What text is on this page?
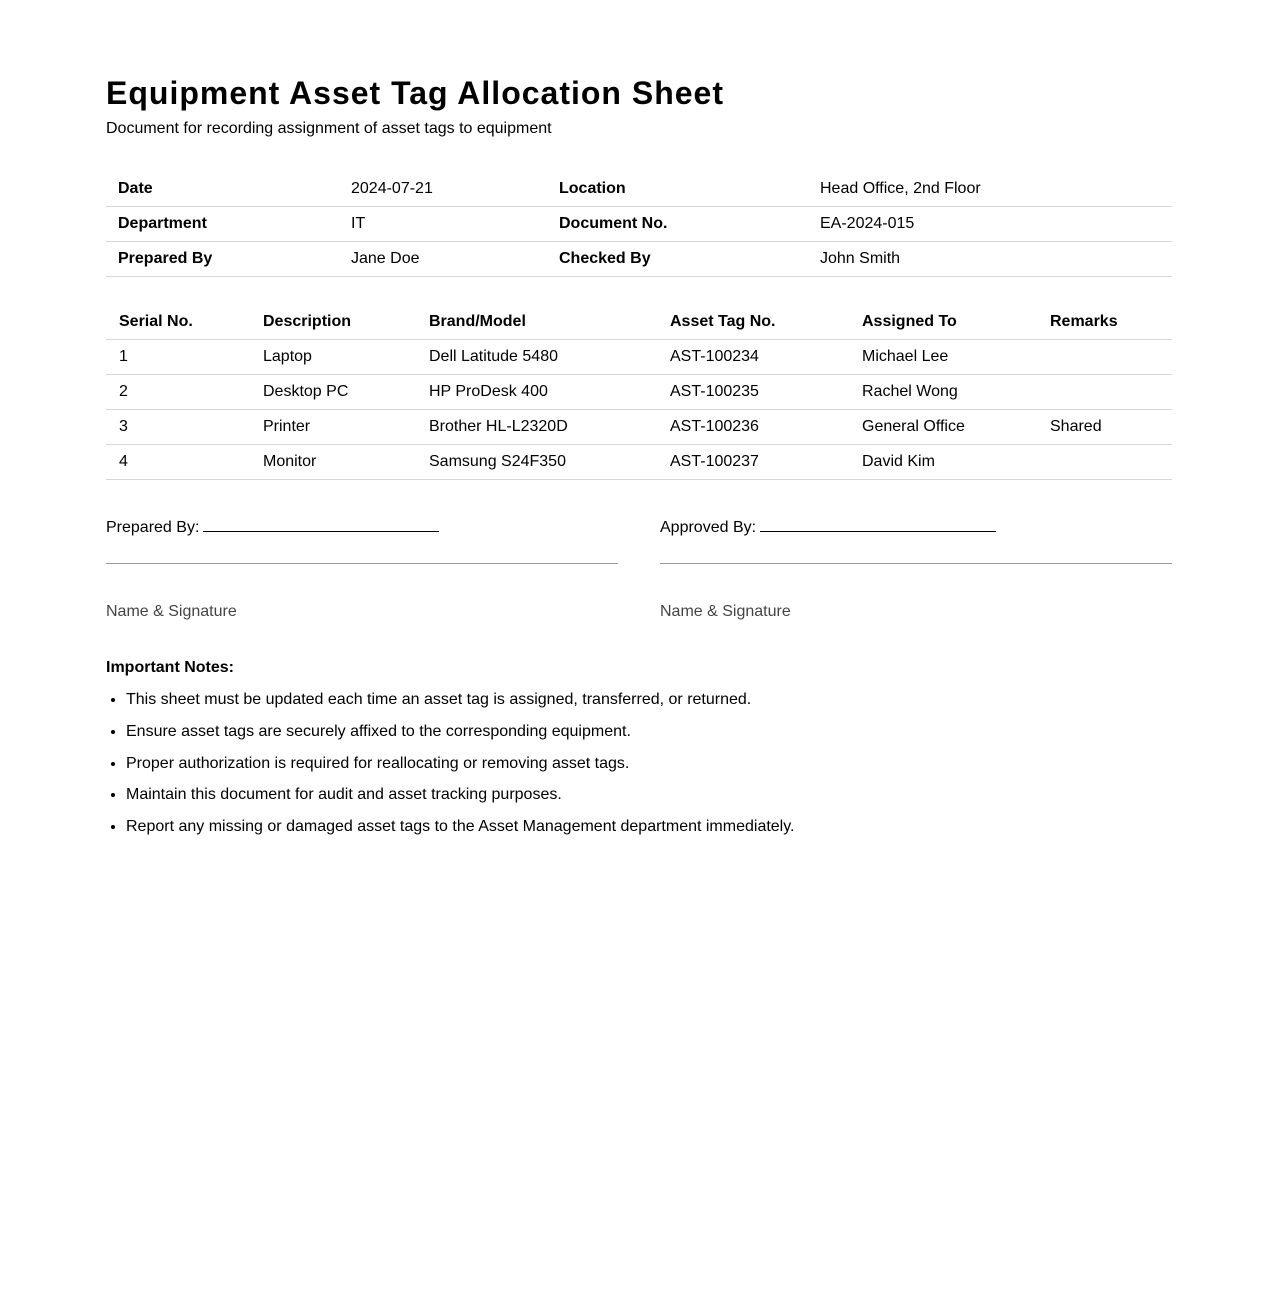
Equipment Asset Tag Allocation Sheet
Document for recording assignment of asset tags to equipment
Date	2024-07-21	Location	Head Office, 2nd Floor
Department	IT	Document No.	EA-2024-015
Prepared By	Jane Doe	Checked By	John Smith
Serial No.	Description	Brand/Model	Asset Tag No.	Assigned To	Remarks
1	Laptop	Dell Latitude 5480	AST-100234	Michael Lee	
2	Desktop PC	HP ProDesk 400	AST-100235	Rachel Wong	
3	Printer	Brother HL-L2320D	AST-100236	General Office	Shared
4	Monitor	Samsung S24F350	AST-100237	David Kim	
Prepared By:
Name & Signature
Approved By:
Name & Signature
Important Notes:
• This sheet must be updated each time an asset tag is assigned, transferred, or returned.
• Ensure asset tags are securely affixed to the corresponding equipment.
• Proper authorization is required for reallocating or removing asset tags.
• Maintain this document for audit and asset tracking purposes.
• Report any missing or damaged asset tags to the Asset Management department immediately.
